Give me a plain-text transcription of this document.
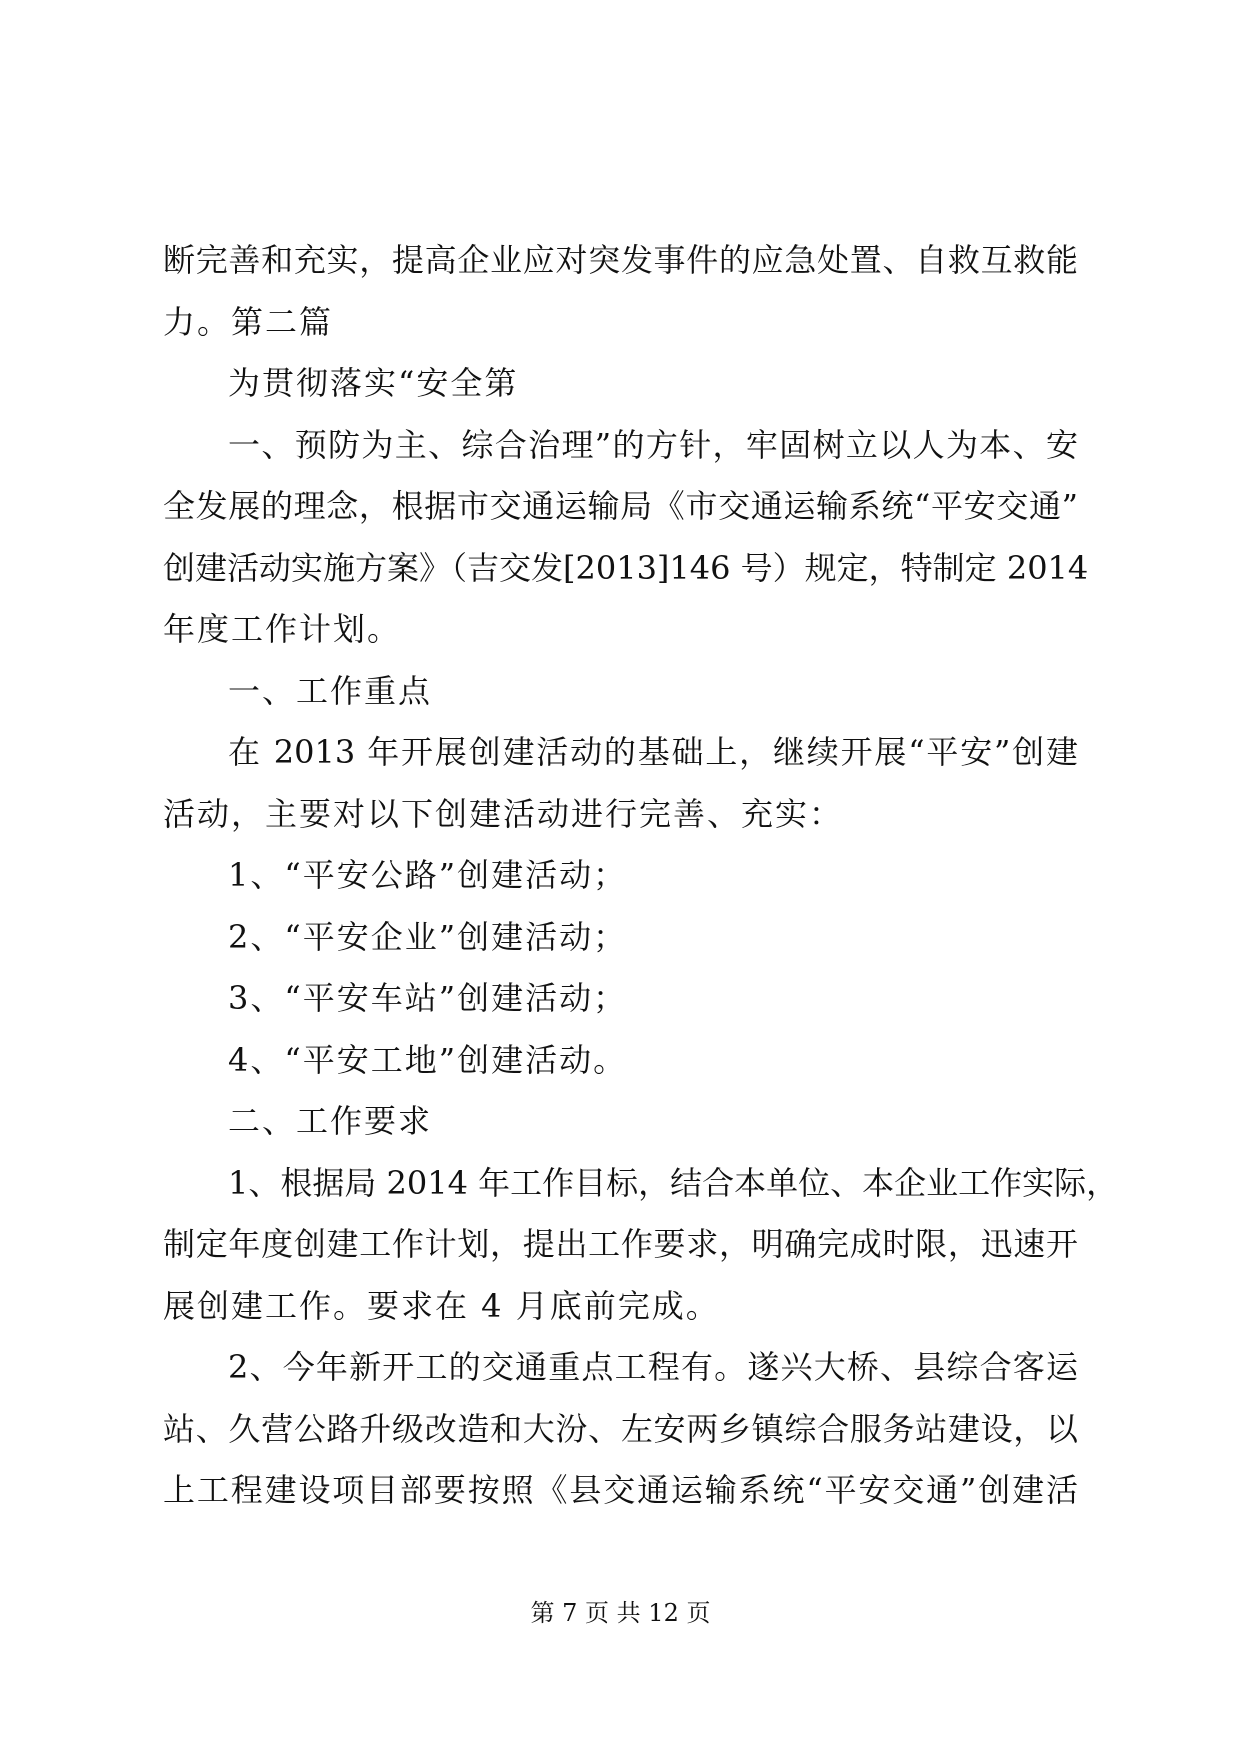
断完善和充实，提高企业应对突发事件的应急处置、自救互救能
力。第二篇
为贯彻落实“安全第
一、预防为主、综合治理”的方针，牢固树立以人为本、安
全发展的理念，根据市交通运输局《市交通运输系统“平安交通”
创建活动实施方案》（吉交发[2013]146 号）规定，特制定 2014
年度工作计划。
一、工作重点
在 2013 年开展创建活动的基础上，继续开展“平安”创建
活动，主要对以下创建活动进行完善、充实：
1、“平安公路”创建活动；
2、“平安企业”创建活动；
3、“平安车站”创建活动；
4、“平安工地”创建活动。
二、工作要求
1、根据局 2014 年工作目标，结合本单位、本企业工作实际，
制定年度创建工作计划，提出工作要求，明确完成时限，迅速开
展创建工作。要求在 4 月底前完成。
2、今年新开工的交通重点工程有。遂兴大桥、县综合客运
站、久营公路升级改造和大汾、左安两乡镇综合服务站建设，以
上工程建设项目部要按照《县交通运输系统“平安交通”创建活
第 7 页 共 12 页
